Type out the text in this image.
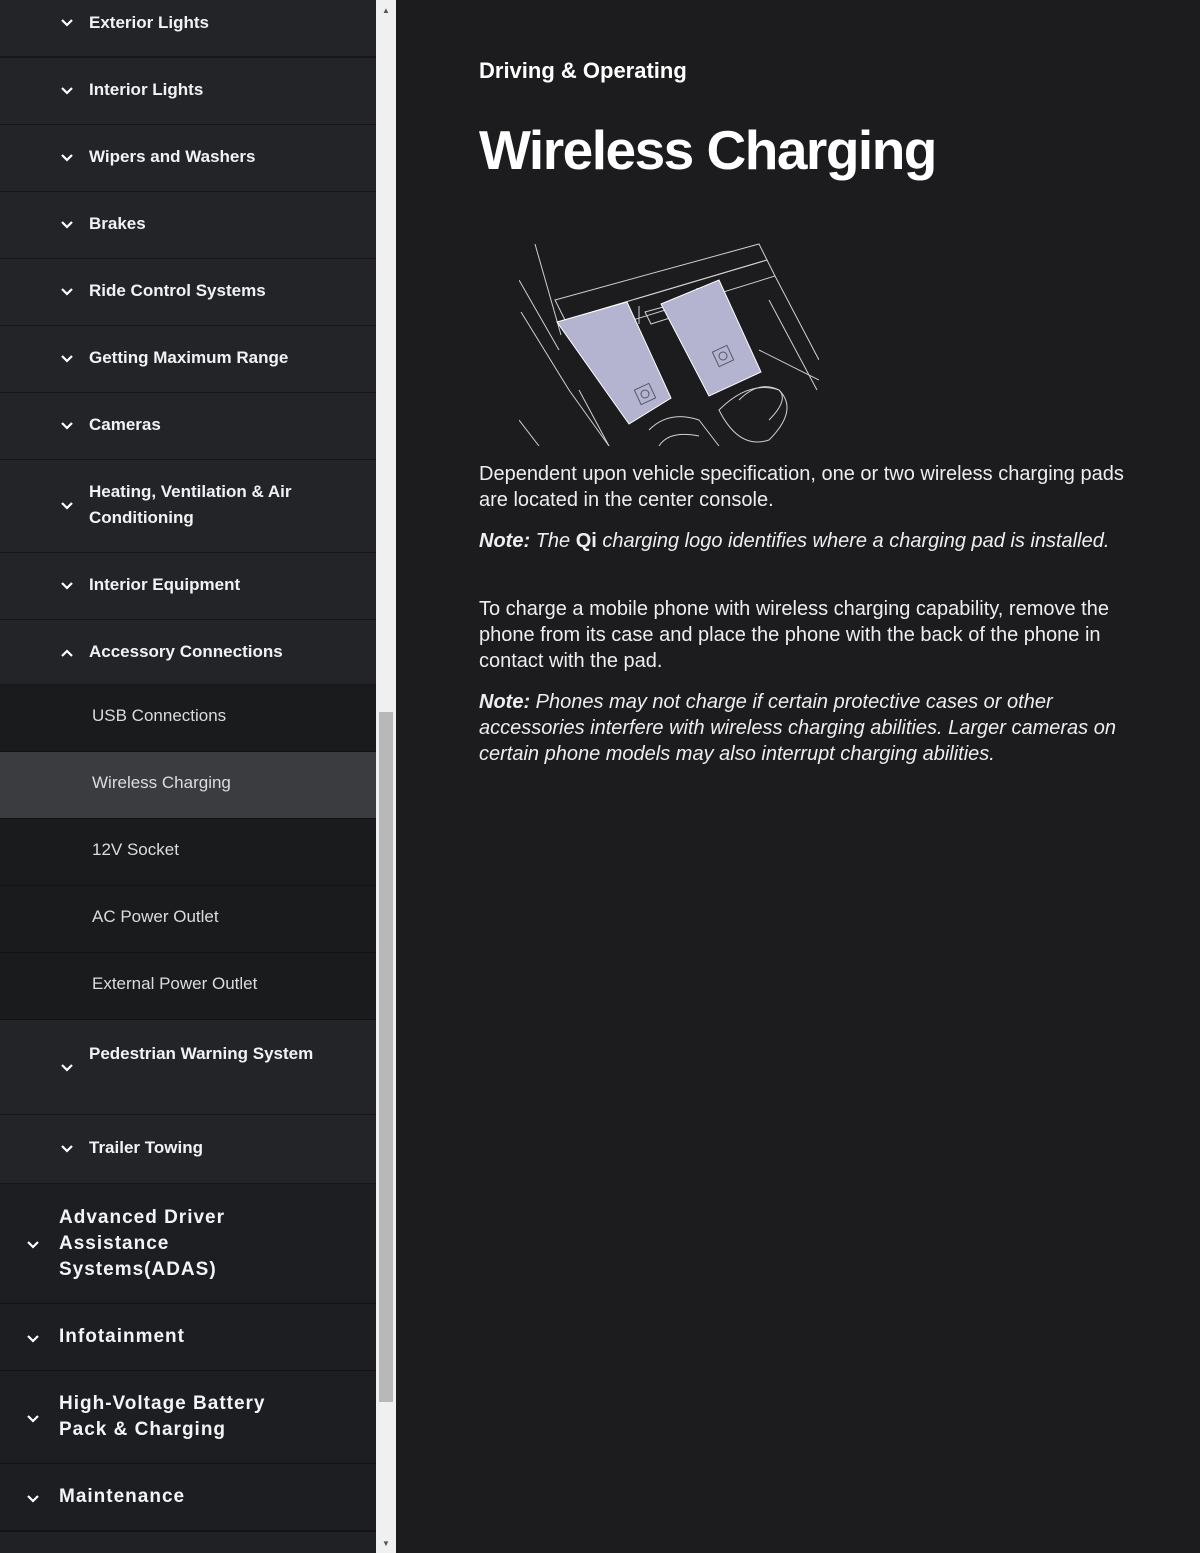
Exterior Lights
Interior Lights
Wipers and Washers
Brakes
Ride Control Systems
Getting Maximum Range
Cameras
Heating, Ventilation & Air Conditioning
Interior Equipment
Accessory Connections
USB Connections
Wireless Charging
12V Socket
AC Power Outlet
External Power Outlet
Pedestrian Warning System
Trailer Towing
Advanced Driver Assistance Systems(ADAS)
Infotainment
High-Voltage Battery Pack & Charging
Maintenance
▲
▼
Driving & Operating
Wireless Charging

Dependent upon vehicle specification, one or two wireless charging pads are located in the center console.

Note: The Qi charging logo identifies where a charging pad is installed.

To charge a mobile phone with wireless charging capability, remove the phone from its case and place the phone with the back of the phone in contact with the pad.

Note: Phones may not charge if certain protective cases or other accessories interfere with wireless charging abilities. Larger cameras on certain phone models may also interrupt charging abilities.
